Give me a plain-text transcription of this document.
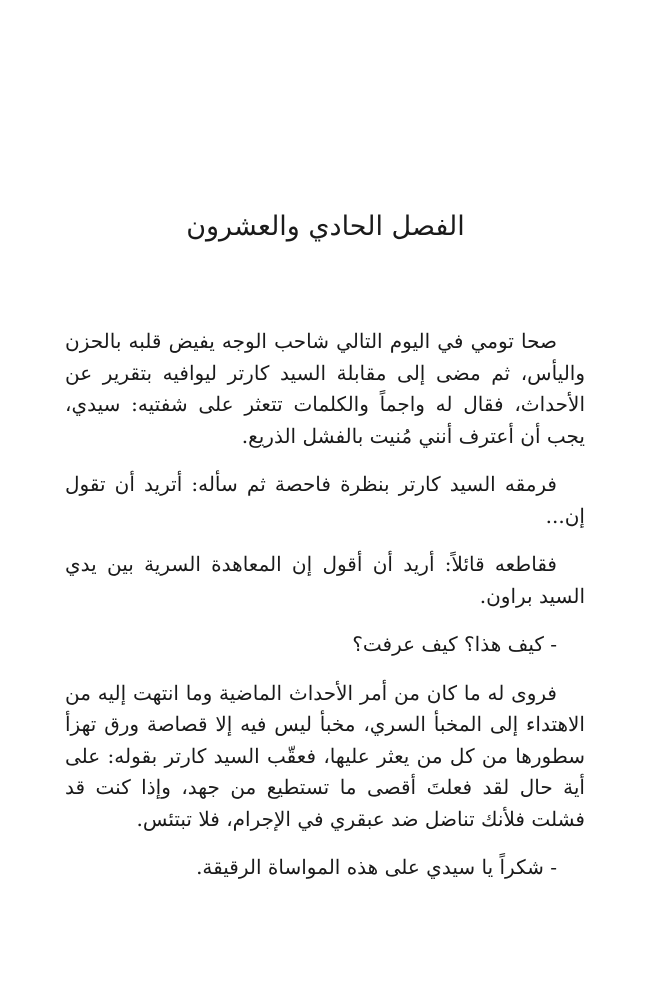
الفصل الحادي والعشرون

صحا تومي في اليوم التالي شاحب الوجه يفيض قلبه بالحزن واليأس، ثم مضى إلى مقابلة السيد كارتر ليوافيه بتقرير عن الأحداث، فقال له واجماً والكلمات تتعثر على شفتيه: سيدي، يجب أن أعترف أنني مُنيت بالفشل الذريع.

فرمقه السيد كارتر بنظرة فاحصة ثم سأله: أتريد أن تقول إن...

فقاطعه قائلاً: أريد أن أقول إن المعاهدة السرية بين يدي السيد براون.

- كيف هذا؟ كيف عرفت؟

فروى له ما كان من أمر الأحداث الماضية وما انتهت إليه من الاهتداء إلى المخبأ السري، مخبأ ليس فيه إلا قصاصة ورق تهزأ سطورها من كل من يعثر عليها، فعقّب السيد كارتر بقوله: على أية حال لقد فعلتَ أقصى ما تستطيع من جهد، وإذا كنت قد فشلت فلأنك تناضل ضد عبقري في الإجرام، فلا تبتئس.

- شكراً يا سيدي على هذه المواساة الرقيقة.
